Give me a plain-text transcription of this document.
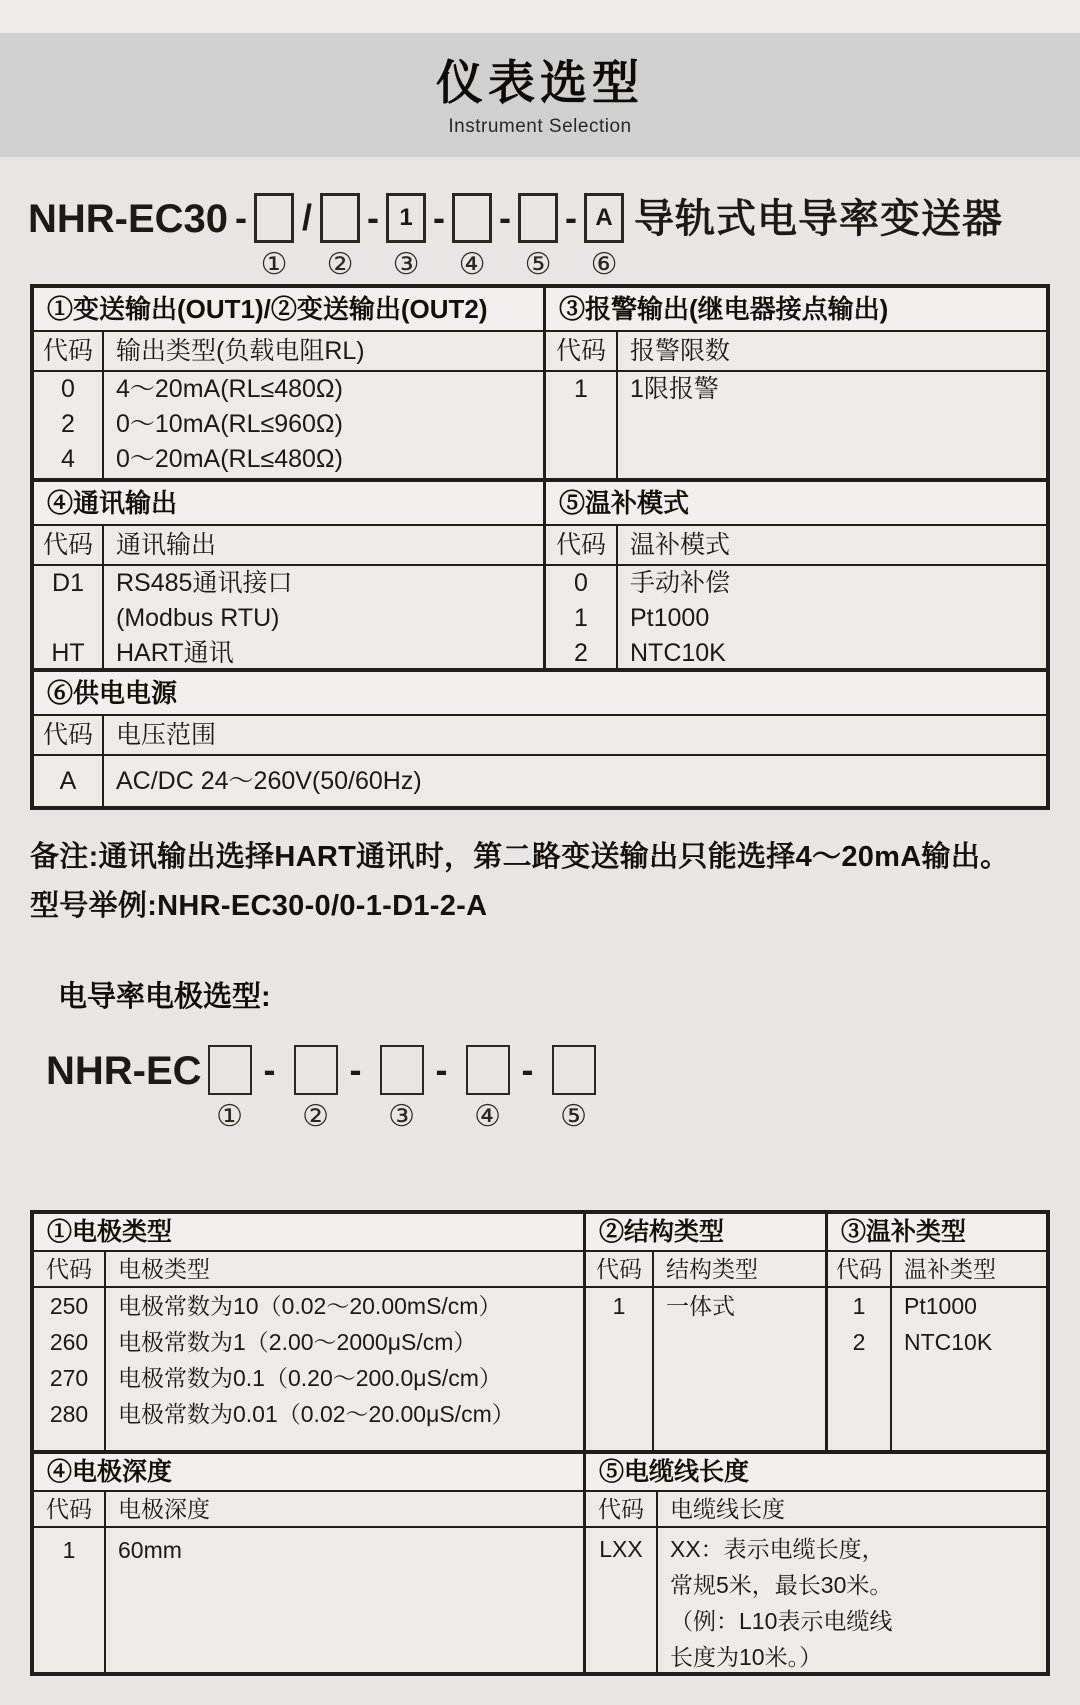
仪表选型
Instrument Selection
NHR-EC30 -
①
/
②
- 1
③
-
④
-
⑤
- A
⑥
导轨式电导率变送器
①变送输出(OUT1)/②变送输出(OUT2)
代码 输出类型(负载电阻RL)
0	4～20mA(RL≤480Ω)
2	0～10mA(RL≤960Ω)
4	0～20mA(RL≤480Ω)
③报警输出(继电器接点输出)
代码 报警限数
1	1限报警
④通讯输出
代码 通讯输出
D1	RS485通讯接口
(Modbus RTU)
HT	HART通讯
⑤温补模式
代码 温补模式
0	手动补偿
1	Pt1000
2	NTC10K
⑥供电电源
代码 电压范围
A	AC/DC 24～260V(50/60Hz)
备注:通讯输出选择HART通讯时，第二路变送输出只能选择4～20mA输出。
型号举例:NHR-EC30-0/0-1-D1-2-A
电导率电极选型:
NHR-EC
①
-
②
-
③
-
④
-
⑤
①电极类型
代码	电极类型
250	电极常数为10（0.02～20.00mS/cm）
260	电极常数为1（2.00～2000μS/cm）
270	电极常数为0.1（0.20～200.0μS/cm）
280	电极常数为0.01（0.02～20.00μS/cm）
②结构类型
代码	结构类型
1	一体式
③温补类型
代码 温补类型
1	Pt1000
2	NTC10K
④电极深度
代码	电极深度
1	60mm
⑤电缆线长度
代码	电缆线长度
LXX	XX：表示电缆长度，
常规5米，最长30米。
（例：L10表示电缆线
长度为10米。）
